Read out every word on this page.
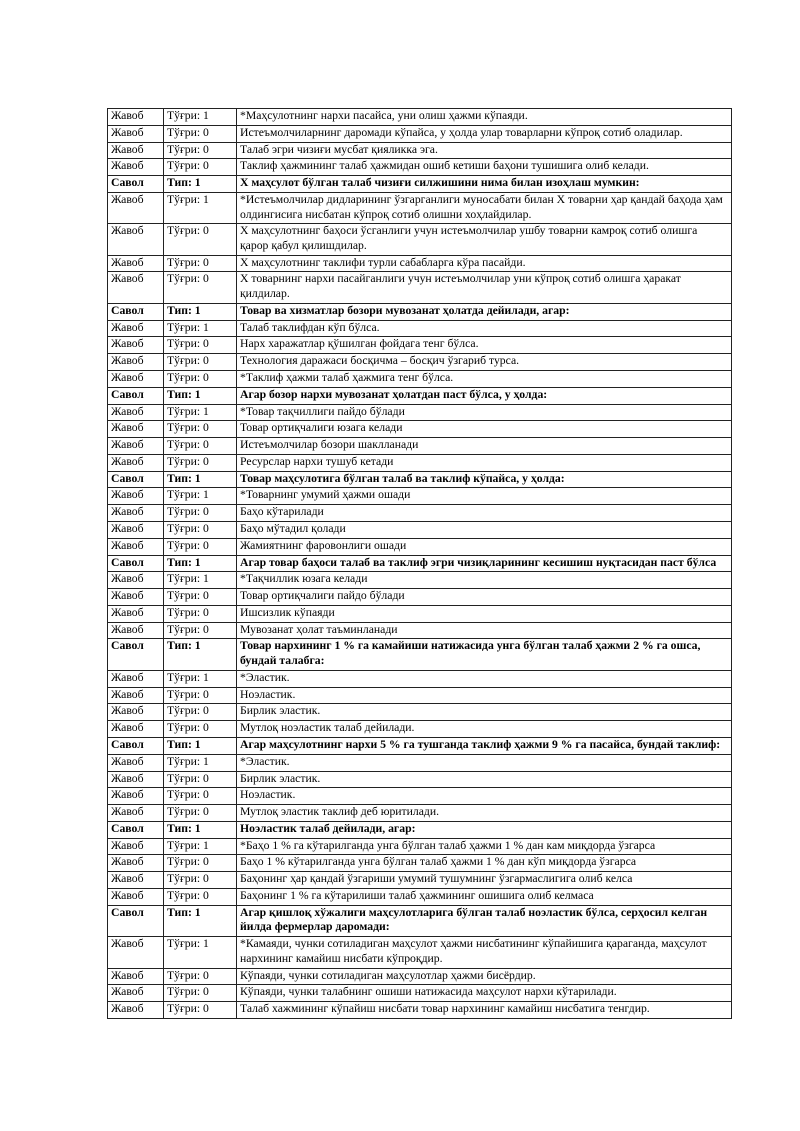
Жавоб	Тўғри: 1	*Маҳсулотнинг нархи пасайса, уни олиш ҳажми кўпаяди.
Жавоб	Тўғри: 0	Истеъмолчиларнинг даромади кўпайса, у ҳолда улар товарларни кўпроқ сотиб оладилар.
Жавоб	Тўғри: 0	Талаб эгри чизиғи мусбат қияликка эга.
Жавоб	Тўғри: 0	Таклиф ҳажмининг талаб ҳажмидан ошиб кетиши баҳони тушишига олиб келади.
Савол	Тип: 1	Х маҳсулот бўлган талаб чизиғи силжишини нима билан изоҳлаш мумкин:
Жавоб	Тўғри: 1	*Истеъмолчилар дидларининг ўзгарганлиги муносабати билан Х товарни ҳар қандай баҳода ҳам олдингисига нисбатан кўпроқ сотиб олишни хоҳлайдилар.
Жавоб	Тўғри: 0	Х маҳсулотнинг баҳоси ўсганлиги учун истеъмолчилар ушбу товарни камроқ сотиб олишга қарор қабул қилишдилар.
Жавоб	Тўғри: 0	Х маҳсулотнинг таклифи турли сабабларга кўра пасайди.
Жавоб	Тўғри: 0	Х товарнинг нархи пасайганлиги учун истеъмолчилар уни кўпроқ сотиб олишга ҳаракат қилдилар.
Савол	Тип: 1	Товар ва хизматлар бозори мувозанат ҳолатда дейилади, агар:
Жавоб	Тўғри: 1	Талаб таклифдан кўп бўлса.
Жавоб	Тўғри: 0	Нарх харажатлар қўшилган фойдага тенг бўлса.
Жавоб	Тўғри: 0	Технология даражаси босқичма – босқич ўзгариб турса.
Жавоб	Тўғри: 0	*Таклиф ҳажми талаб ҳажмига тенг бўлса.
Савол	Тип: 1	Агар бозор нархи мувозанат ҳолатдан паст бўлса, у ҳолда:
Жавоб	Тўғри: 1	*Товар тақчиллиги пайдо бўлади
Жавоб	Тўғри: 0	Товар ортиқчалиги юзага келади
Жавоб	Тўғри: 0	Истеъмолчилар бозори шаклланади
Жавоб	Тўғри: 0	Ресурслар нархи тушуб кетади
Савол	Тип: 1	Товар маҳсулотига бўлган талаб ва таклиф кўпайса, у ҳолда:
Жавоб	Тўғри: 1	*Товарнинг умумий ҳажми ошади
Жавоб	Тўғри: 0	Баҳо кўтарилади
Жавоб	Тўғри: 0	Баҳо мўтадил қолади
Жавоб	Тўғри: 0	Жамиятнинг фаровонлиги ошади
Савол	Тип: 1	Агар товар баҳоси талаб ва таклиф эгри чизиқларининг кесишиш нуқтасидан паст бўлса
Жавоб	Тўғри: 1	*Тақчиллик юзага келади
Жавоб	Тўғри: 0	Товар ортиқчалиги пайдо бўлади
Жавоб	Тўғри: 0	Ишсизлик кўпаяди
Жавоб	Тўғри: 0	Мувозанат ҳолат таъминланади
Савол	Тип: 1	Товар нархининг 1 % га камайиши натижасида унга бўлган талаб ҳажми 2 % га ошса, бундай талабга:
Жавоб	Тўғри: 1	*Эластик.
Жавоб	Тўғри: 0	Ноэластик.
Жавоб	Тўғри: 0	Бирлик эластик.
Жавоб	Тўғри: 0	Мутлоқ ноэластик талаб дейилади.
Савол	Тип: 1	Агар маҳсулотнинг нархи 5 % га тушганда таклиф ҳажми 9 % га пасайса, бундай таклиф:
Жавоб	Тўғри: 1	*Эластик.
Жавоб	Тўғри: 0	Бирлик эластик.
Жавоб	Тўғри: 0	Ноэластик.
Жавоб	Тўғри: 0	Мутлоқ эластик таклиф деб юритилади.
Савол	Тип: 1	Ноэластик талаб дейилади, агар:
Жавоб	Тўғри: 1	*Баҳо 1 % га кўтарилганда унга бўлган талаб ҳажми 1 % дан кам миқдорда ўзгарса
Жавоб	Тўғри: 0	Баҳо 1 % кўтарилганда унга бўлган талаб ҳажми 1 % дан кўп миқдорда ўзгарса
Жавоб	Тўғри: 0	Баҳонинг ҳар қандай ўзгариши умумий тушумнинг ўзгармаслигига олиб келса
Жавоб	Тўғри: 0	Баҳонинг 1 % га кўтарилиши талаб ҳажмининг ошишига олиб келмаса
Савол	Тип: 1	Агар қишлоқ хўжалиги маҳсулотларига бўлган талаб ноэластик бўлса, серҳосил келган йилда фермерлар даромади:
Жавоб	Тўғри: 1	*Камаяди, чунки сотиладиган маҳсулот ҳажми нисбатининг кўпайишига қараганда, маҳсулот нархининг камайиш нисбати кўпроқдир.
Жавоб	Тўғри: 0	Кўпаяди, чунки сотиладиган маҳсулотлар ҳажми бисёрдир.
Жавоб	Тўғри: 0	Кўпаяди, чунки талабнинг ошиши натижасида маҳсулот нархи кўтарилади.
Жавоб	Тўғри: 0	Талаб хажмининг кўпайиш нисбати товар нархининг камайиш нисбатига тенгдир.
